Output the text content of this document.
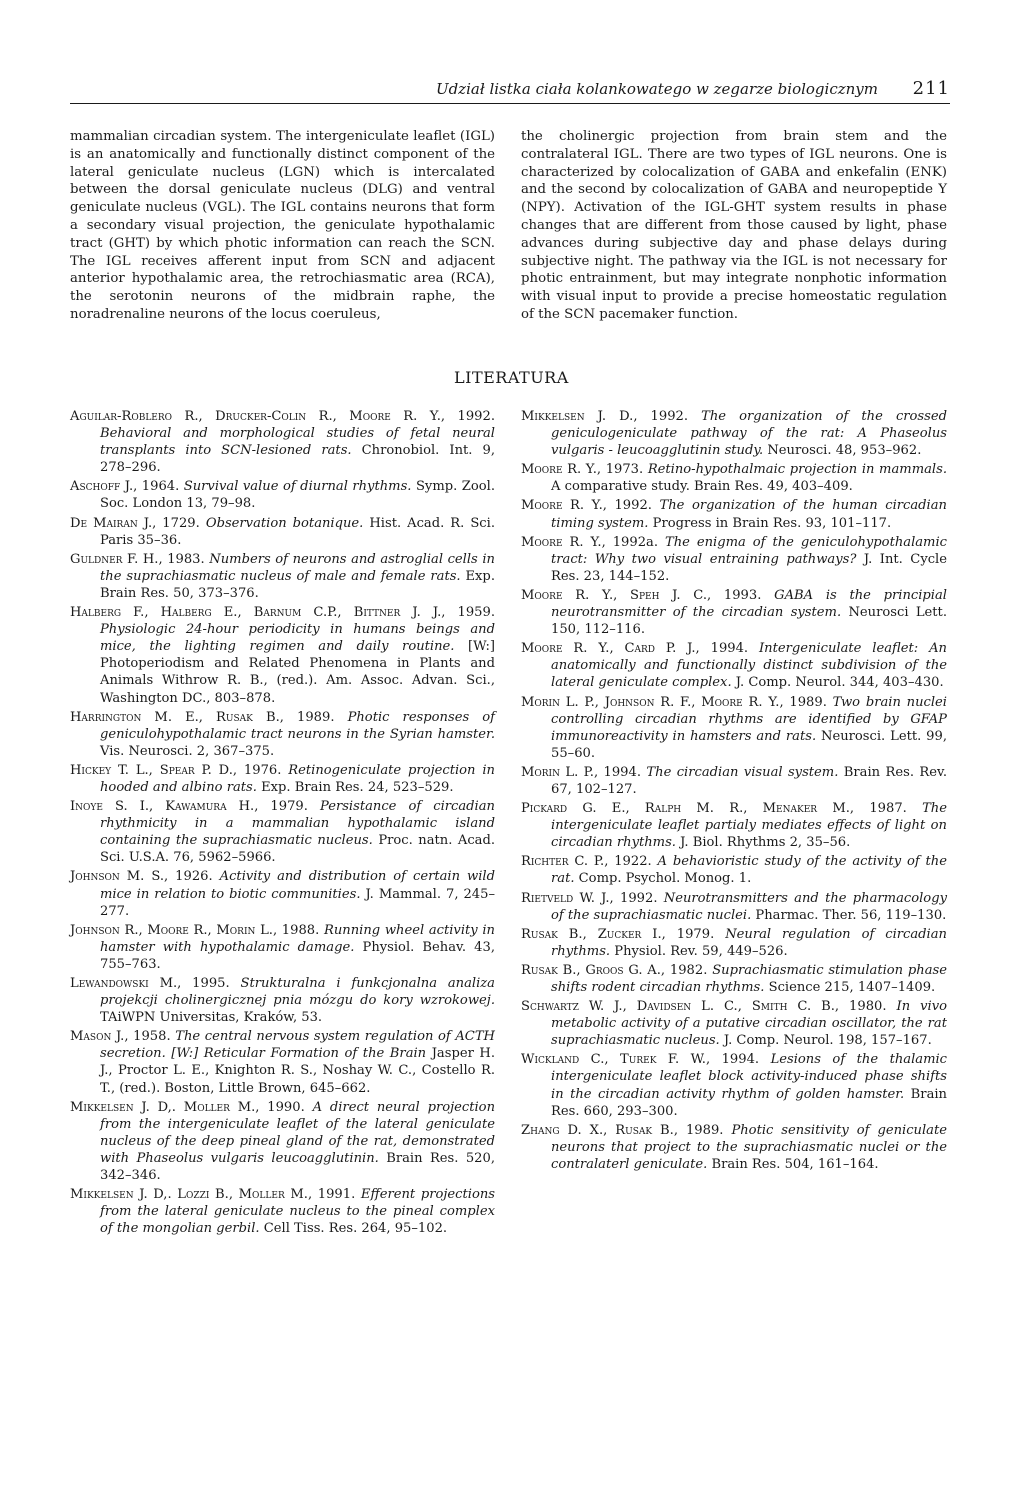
Udział listka ciała kolankowatego w zegarze biologicznym 211

mammalian circadian system. The intergeniculate leaflet (IGL) is an anatomically and functionally distinct component of the lateral geniculate nucleus (LGN) which is intercalated between the dorsal geniculate nucleus (DLG) and ventral geniculate nucleus (VGL). The IGL contains neurons that form a secondary visual projection, the geniculate hypothalamic tract (GHT) by which photic information can reach the SCN. The IGL receives afferent input from SCN and adjacent anterior hypothalamic area, the retrochiasmatic area (RCA), the serotonin neurons of the midbrain raphe, the noradrenaline neurons of the locus coeruleus,

the cholinergic projection from brain stem and the contralateral IGL. There are two types of IGL neurons. One is characterized by colocalization of GABA and enkefalin (ENK) and the second by colocalization of GABA and neuropeptide Y (NPY). Activation of the IGL-GHT system results in phase changes that are different from those caused by light, phase advances during subjective day and phase delays during subjective night. The pathway via the IGL is not necessary for photic entrainment, but may integrate nonphotic information with visual input to provide a precise homeostatic regulation of the SCN pacemaker function.

LITERATURA

Aguilar-Roblero R., Drucker-Colin R., Moore R. Y., 1992. Behavioral and morphological studies of fetal neural transplants into SCN-lesioned rats. Chronobiol. Int. 9, 278–296.

Aschoff J., 1964. Survival value of diurnal rhythms. Symp. Zool. Soc. London 13, 79–98.

De Mairan J., 1729. Observation botanique. Hist. Acad. R. Sci. Paris 35–36.

Guldner F. H., 1983. Numbers of neurons and astroglial cells in the suprachiasmatic nucleus of male and female rats. Exp. Brain Res. 50, 373–376.

Halberg F., Halberg E., Barnum C.P., Bittner J. J., 1959. Physiologic 24-hour periodicity in humans beings and mice, the lighting regimen and daily routine. [W:] Photoperiodism and Related Phenomena in Plants and Animals Withrow R. B., (red.). Am. Assoc. Advan. Sci., Washington DC., 803–878.

Harrington M. E., Rusak B., 1989. Photic responses of geniculohypothalamic tract neurons in the Syrian hamster. Vis. Neurosci. 2, 367–375.

Hickey T. L., Spear P. D., 1976. Retinogeniculate projection in hooded and albino rats. Exp. Brain Res. 24, 523–529.

Inoye S. I., Kawamura H., 1979. Persistance of circadian rhythmicity in a mammalian hypothalamic island containing the suprachiasmatic nucleus. Proc. natn. Acad. Sci. U.S.A. 76, 5962–5966.

Johnson M. S., 1926. Activity and distribution of certain wild mice in relation to biotic communities. J. Mammal. 7, 245–277.

Johnson R., Moore R., Morin L., 1988. Running wheel activity in hamster with hypothalamic damage. Physiol. Behav. 43, 755–763.

Lewandowski M., 1995. Strukturalna i funkcjonalna analiza projekcji cholinergicznej pnia mózgu do kory wzrokowej. TAiWPN Universitas, Kraków, 53.

Mason J., 1958. The central nervous system regulation of ACTH secretion. [W:] Reticular Formation of the Brain Jasper H. J., Proctor L. E., Knighton R. S., Noshay W. C., Costello R. T., (red.). Boston, Little Brown, 645–662.

Mikkelsen J. D,. Moller M., 1990. A direct neural projection from the intergeniculate leaflet of the lateral geniculate nucleus of the deep pineal gland of the rat, demonstrated with Phaseolus vulgaris leucoagglutinin. Brain Res. 520, 342–346.

Mikkelsen J. D,. Lozzi B., Moller M., 1991. Efferent projections from the lateral geniculate nucleus to the pineal complex of the mongolian gerbil. Cell Tiss. Res. 264, 95–102.

Mikkelsen J. D., 1992. The organization of the crossed geniculogeniculate pathway of the rat: A Phaseolus vulgaris - leucoagglutinin study. Neurosci. 48, 953–962.

Moore R. Y., 1973. Retino-hypothalmaic projection in mammals. A comparative study. Brain Res. 49, 403–409.

Moore R. Y., 1992. The organization of the human circadian timing system. Progress in Brain Res. 93, 101–117.

Moore R. Y., 1992a. The enigma of the geniculohypothalamic tract: Why two visual entraining pathways? J. Int. Cycle Res. 23, 144–152.

Moore R. Y., Speh J. C., 1993. GABA is the principial neurotransmitter of the circadian system. Neurosci Lett. 150, 112–116.

Moore R. Y., Card P. J., 1994. Intergeniculate leaflet: An anatomically and functionally distinct subdivision of the lateral geniculate complex. J. Comp. Neurol. 344, 403–430.

Morin L. P., Johnson R. F., Moore R. Y., 1989. Two brain nuclei controlling circadian rhythms are identified by GFAP immunoreactivity in hamsters and rats. Neurosci. Lett. 99, 55–60.

Morin L. P., 1994. The circadian visual system. Brain Res. Rev. 67, 102–127.

Pickard G. E., Ralph M. R., Menaker M., 1987. The intergeniculate leaflet partialy mediates effects of light on circadian rhythms. J. Biol. Rhythms 2, 35–56.

Richter C. P., 1922. A behavioristic study of the activity of the rat. Comp. Psychol. Monog. 1.

Rietveld W. J., 1992. Neurotransmitters and the pharmacology of the suprachiasmatic nuclei. Pharmac. Ther. 56, 119–130.

Rusak B., Zucker I., 1979. Neural regulation of circadian rhythms. Physiol. Rev. 59, 449–526.

Rusak B., Groos G. A., 1982. Suprachiasmatic stimulation phase shifts rodent circadian rhythms. Science 215, 1407–1409.

Schwartz W. J., Davidsen L. C., Smith C. B., 1980. In vivo metabolic activity of a putative circadian oscillator, the rat suprachiasmatic nucleus. J. Comp. Neurol. 198, 157–167.

Wickland C., Turek F. W., 1994. Lesions of the thalamic intergeniculate leaflet block activity-induced phase shifts in the circadian activity rhythm of golden hamster. Brain Res. 660, 293–300.

Zhang D. X., Rusak B., 1989. Photic sensitivity of geniculate neurons that project to the suprachiasmatic nuclei or the contralaterl geniculate. Brain Res. 504, 161–164.
